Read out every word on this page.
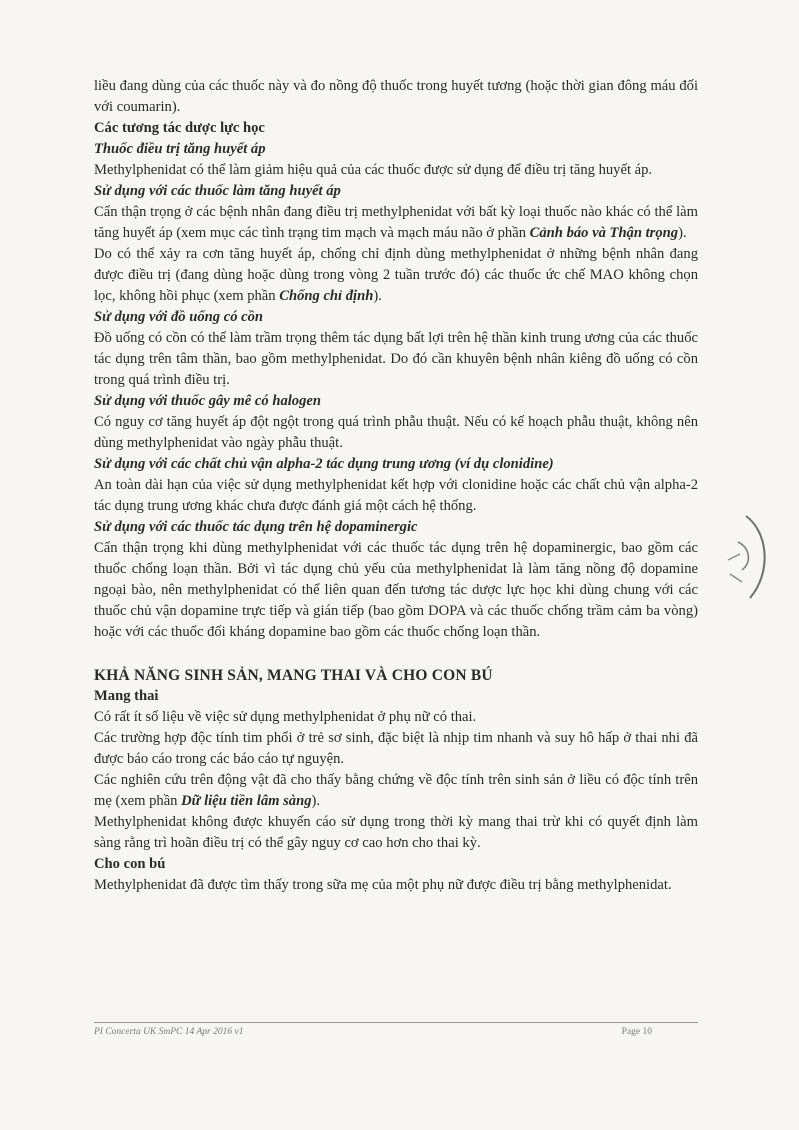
liều đang dùng của các thuốc này và đo nồng độ thuốc trong huyết tương (hoặc thời gian đông máu đối với coumarin).

Các tương tác dược lực học

Thuốc điều trị tăng huyết áp

Methylphenidat có thể làm giảm hiệu quả của các thuốc được sử dụng để điều trị tăng huyết áp.

Sử dụng với các thuốc làm tăng huyết áp

Cẩn thận trọng ở các bệnh nhân đang điều trị methylphenidat với bất kỳ loại thuốc nào khác có thể làm tăng huyết áp (xem mục các tình trạng tim mạch và mạch máu não ở phần Cảnh báo và Thận trọng).

Do có thể xảy ra cơn tăng huyết áp, chống chỉ định dùng methylphenidat ở những bệnh nhân đang được điều trị (đang dùng hoặc dùng trong vòng 2 tuần trước đó) các thuốc ức chế MAO không chọn lọc, không hồi phục (xem phần Chống chỉ định).

Sử dụng với đồ uống có cồn

Đồ uống có cồn có thể làm trầm trọng thêm tác dụng bất lợi trên hệ thần kinh trung ương của các thuốc tác dụng trên tâm thần, bao gồm methylphenidat. Do đó cần khuyên bệnh nhân kiêng đồ uống có cồn trong quá trình điều trị.

Sử dụng với thuốc gây mê có halogen

Có nguy cơ tăng huyết áp đột ngột trong quá trình phẫu thuật. Nếu có kế hoạch phẫu thuật, không nên dùng methylphenidat vào ngày phẫu thuật.

Sử dụng với các chất chủ vận alpha-2 tác dụng trung ương (ví dụ clonidine)

An toàn dài hạn của việc sử dụng methylphenidat kết hợp với clonidine hoặc các chất chủ vận alpha-2 tác dụng trung ương khác chưa được đánh giá một cách hệ thống.

Sử dụng với các thuốc tác dụng trên hệ dopaminergic

Cẩn thận trọng khi dùng methylphenidat với các thuốc tác dụng trên hệ dopaminergic, bao gồm các thuốc chống loạn thần. Bởi vì tác dụng chủ yếu của methylphenidat là làm tăng nồng độ dopamine ngoại bào, nên methylphenidat có thể liên quan đến tương tác dược lực học khi dùng chung với các thuốc chủ vận dopamine trực tiếp và gián tiếp (bao gồm DOPA và các thuốc chống trầm cảm ba vòng) hoặc với các thuốc đối kháng dopamine bao gồm các thuốc chống loạn thần.

KHẢ NĂNG SINH SẢN, MANG THAI VÀ CHO CON BÚ

Mang thai

Có rất ít số liệu về việc sử dụng methylphenidat ở phụ nữ có thai.

Các trường hợp độc tính tim phổi ở trẻ sơ sinh, đặc biệt là nhịp tim nhanh và suy hô hấp ở thai nhi đã được báo cáo trong các báo cáo tự nguyện.

Các nghiên cứu trên động vật đã cho thấy bằng chứng về độc tính trên sinh sản ở liều có độc tính trên mẹ (xem phần Dữ liệu tiền lâm sàng).

Methylphenidat không được khuyến cáo sử dụng trong thời kỳ mang thai trừ khi có quyết định làm sàng rằng trì hoãn điều trị có thể gây nguy cơ cao hơn cho thai kỳ.

Cho con bú

Methylphenidat đã được tìm thấy trong sữa mẹ của một phụ nữ được điều trị bằng methylphenidat.

PI Concerta UK SmPC 14 Apr 2016 v1	Page 10
